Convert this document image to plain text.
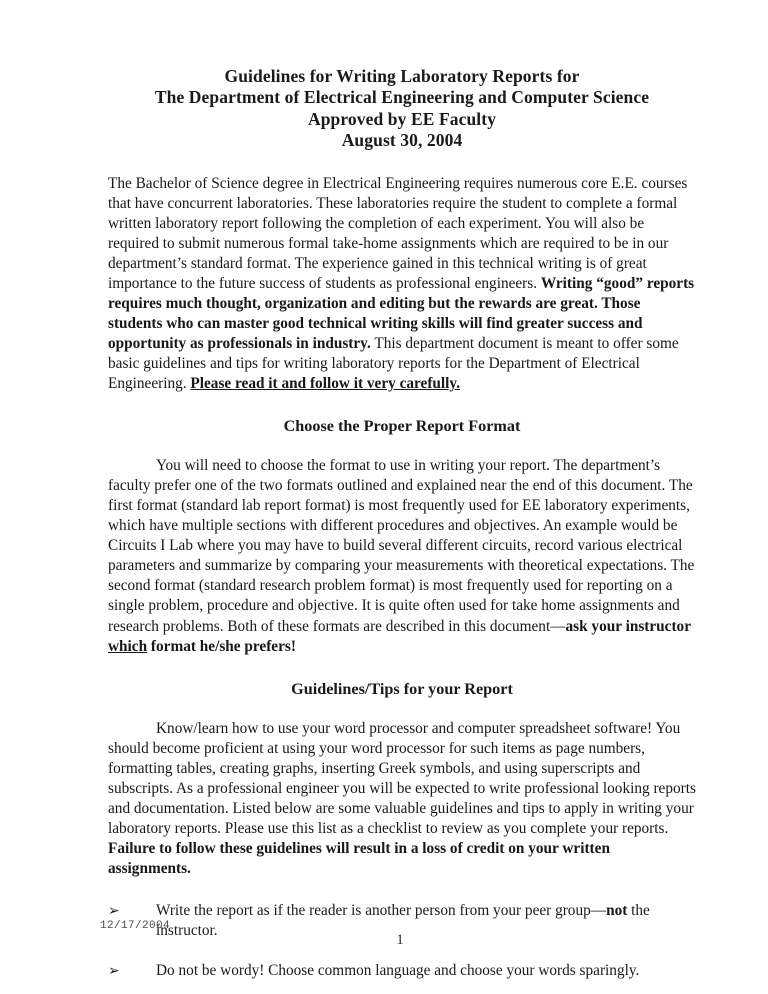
Guidelines for Writing Laboratory Reports for
The Department of Electrical Engineering and Computer Science
Approved by EE Faculty
August 30, 2004

The Bachelor of Science degree in Electrical Engineering requires numerous core E.E. courses that have concurrent laboratories. These laboratories require the student to complete a formal written laboratory report following the completion of each experiment. You will also be required to submit numerous formal take-home assignments which are required to be in our department’s standard format. The experience gained in this technical writing is of great importance to the future success of students as professional engineers. Writing “good” reports requires much thought, organization and editing but the rewards are great. Those students who can master good technical writing skills will find greater success and opportunity as professionals in industry. This department document is meant to offer some basic guidelines and tips for writing laboratory reports for the Department of Electrical Engineering. Please read it and follow it very carefully.

Choose the Proper Report Format

You will need to choose the format to use in writing your report. The department’s faculty prefer one of the two formats outlined and explained near the end of this document. The first format (standard lab report format) is most frequently used for EE laboratory experiments, which have multiple sections with different procedures and objectives. An example would be Circuits I Lab where you may have to build several different circuits, record various electrical parameters and summarize by comparing your measurements with theoretical expectations. The second format (standard research problem format) is most frequently used for reporting on a single problem, procedure and objective. It is quite often used for take home assignments and research problems. Both of these formats are described in this document—ask your instructor which format he/she prefers!

Guidelines/Tips for your Report

Know/learn how to use your word processor and computer spreadsheet software! You should become proficient at using your word processor for such items as page numbers, formatting tables, creating graphs, inserting Greek symbols, and using superscripts and subscripts. As a professional engineer you will be expected to write professional looking reports and documentation. Listed below are some valuable guidelines and tips to apply in writing your laboratory reports. Please use this list as a checklist to review as you complete your reports. Failure to follow these guidelines will result in a loss of credit on your written assignments.

➢ Write the report as if the reader is another person from your peer group—not the instructor.
➢ Do not be wordy! Choose common language and choose your words sparingly.
12/17/2004
1
